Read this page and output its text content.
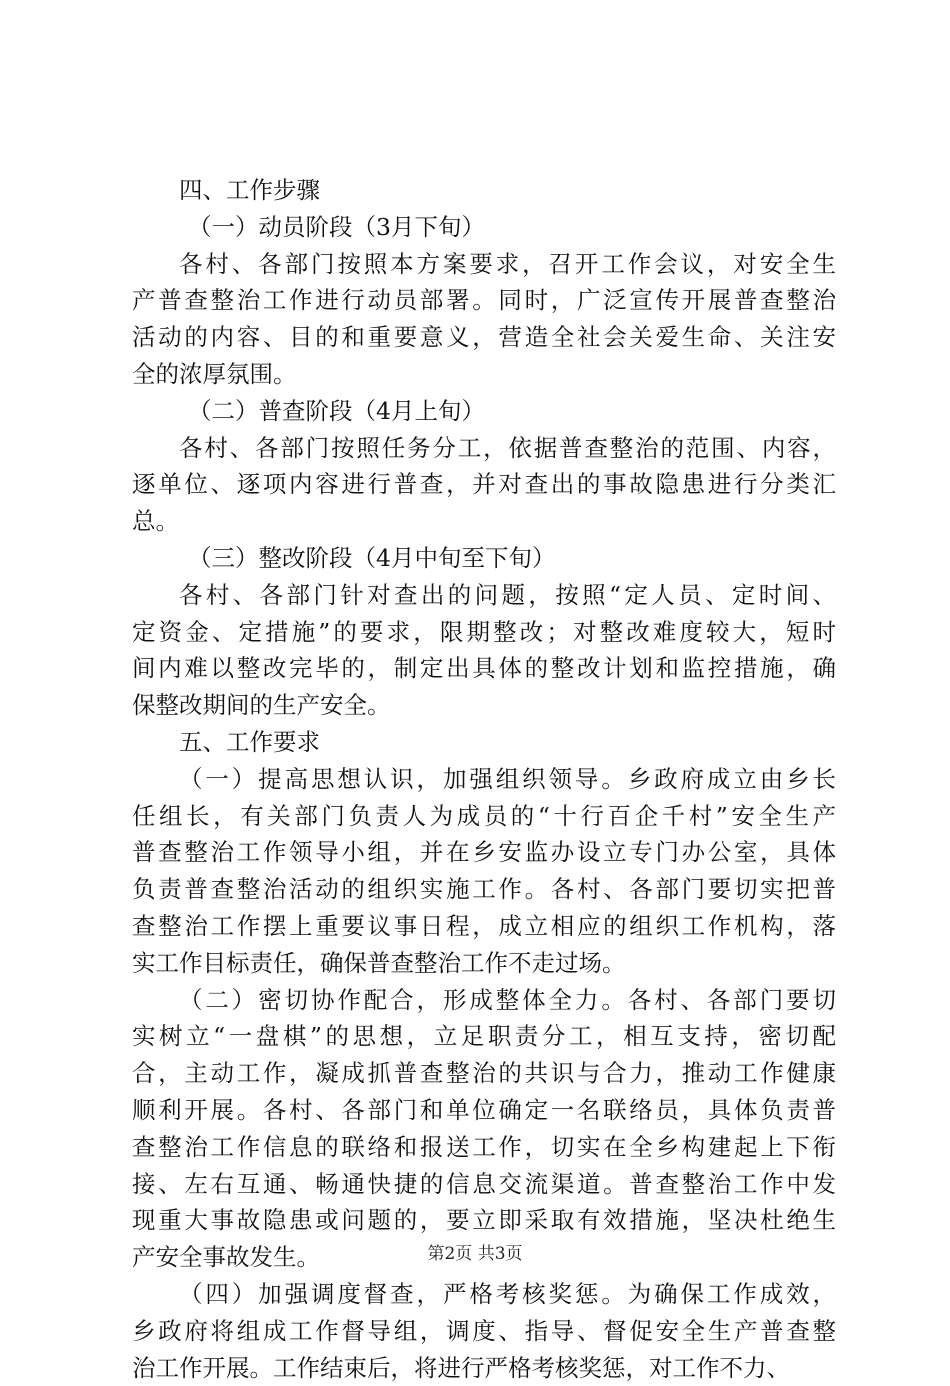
四、工作步骤
（一）动员阶段（3月下旬）
各村、各部门按照本方案要求，召开工作会议，对安全生
产普查整治工作进行动员部署。同时，广泛宣传开展普查整治
活动的内容、目的和重要意义，营造全社会关爱生命、关注安
全的浓厚氛围。
（二）普查阶段（4月上旬）
各村、各部门按照任务分工，依据普查整治的范围、内容，
逐单位、逐项内容进行普查，并对查出的事故隐患进行分类汇
总。
（三）整改阶段（4月中旬至下旬）
各村、各部门针对查出的问题，按照“定人员、定时间、
定资金、定措施”的要求，限期整改；对整改难度较大，短时
间内难以整改完毕的，制定出具体的整改计划和监控措施，确
保整改期间的生产安全。
五、工作要求
（一）提高思想认识，加强组织领导。乡政府成立由乡长
任组长，有关部门负责人为成员的“十行百企千村”安全生产
普查整治工作领导小组，并在乡安监办设立专门办公室，具体
负责普查整治活动的组织实施工作。各村、各部门要切实把普
查整治工作摆上重要议事日程，成立相应的组织工作机构，落
实工作目标责任，确保普查整治工作不走过场。
（二）密切协作配合，形成整体全力。各村、各部门要切
实树立“一盘棋”的思想，立足职责分工，相互支持，密切配
合，主动工作，凝成抓普查整治的共识与合力，推动工作健康
顺利开展。各村、各部门和单位确定一名联络员，具体负责普
查整治工作信息的联络和报送工作，切实在全乡构建起上下衔
接、左右互通、畅通快捷的信息交流渠道。普查整治工作中发
现重大事故隐患或问题的，要立即采取有效措施，坚决杜绝生
产安全事故发生。
（四）加强调度督查，严格考核奖惩。为确保工作成效，
乡政府将组成工作督导组，调度、指导、督促安全生产普查整
治工作开展。工作结束后，将进行严格考核奖惩，对工作不力、
第2页 共3页
